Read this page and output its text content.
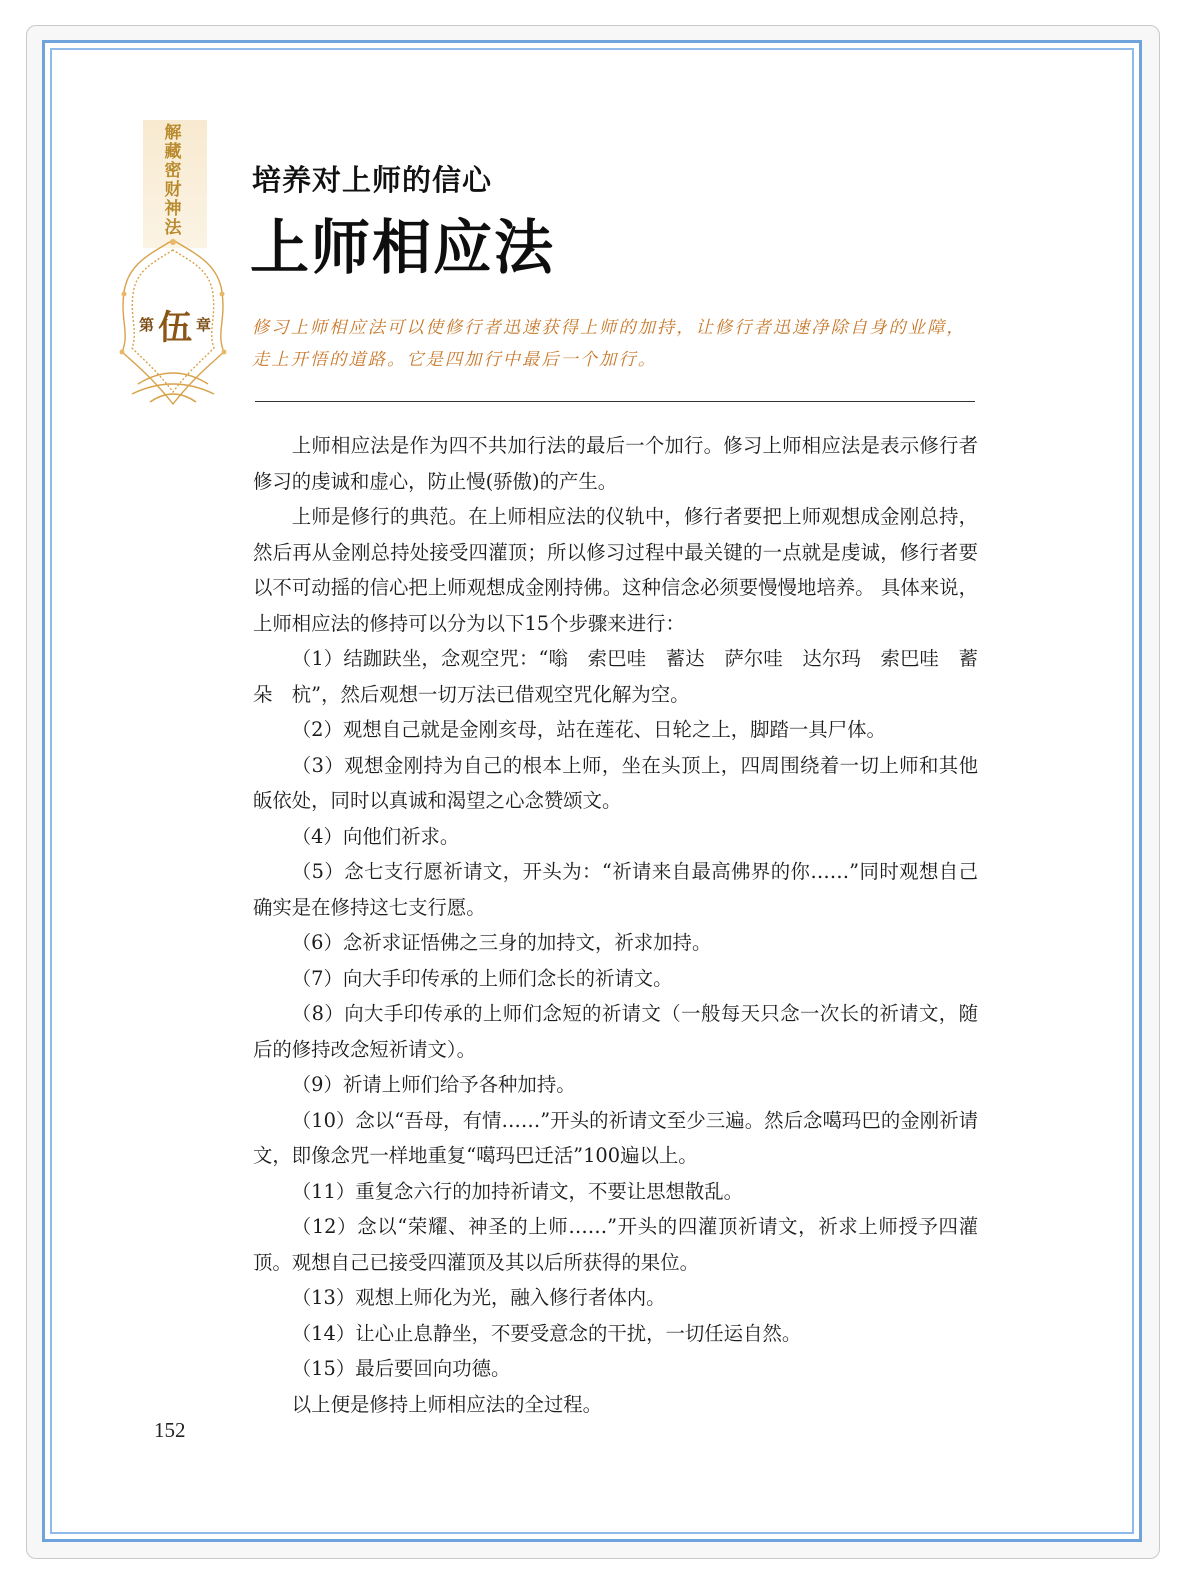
解藏密财神法
第 伍 章
培养对上师的信心
上师相应法

修习上师相应法可以使修行者迅速获得上师的加持，让修行者迅速净除自身的业障，走上开悟的道路。它是四加行中最后一个加行。

上师相应法是作为四不共加行法的最后一个加行。修习上师相应法是表示修行者修习的虔诚和虚心，防止慢(骄傲)的产生。

上师是修行的典范。在上师相应法的仪轨中，修行者要把上师观想成金刚总持，然后再从金刚总持处接受四灌顶；所以修习过程中最关键的一点就是虔诚，修行者要以不可动摇的信心把上师观想成金刚持佛。这种信念必须要慢慢地培养。 具体来说，上师相应法的修持可以分为以下15个步骤来进行：

（1）结跏趺坐，念观空咒：“嗡　索巴哇　蓄达　萨尔哇　达尔玛　索巴哇　蓄朵　杭”，然后观想一切万法已借观空咒化解为空。

（2）观想自己就是金刚亥母，站在莲花、日轮之上，脚踏一具尸体。

（3）观想金刚持为自己的根本上师，坐在头顶上，四周围绕着一切上师和其他皈依处，同时以真诚和渴望之心念赞颂文。

（4）向他们祈求。

（5）念七支行愿祈请文，开头为：“祈请来自最高佛界的你……”同时观想自己确实是在修持这七支行愿。

（6）念祈求证悟佛之三身的加持文，祈求加持。

（7）向大手印传承的上师们念长的祈请文。

（8）向大手印传承的上师们念短的祈请文（一般每天只念一次长的祈请文，随后的修持改念短祈请文）。

（9）祈请上师们给予各种加持。

（10）念以“吾母，有情……”开头的祈请文至少三遍。然后念噶玛巴的金刚祈请文，即像念咒一样地重复“噶玛巴迁活”100遍以上。

（11）重复念六行的加持祈请文，不要让思想散乱。

（12）念以“荣耀、神圣的上师……”开头的四灌顶祈请文，祈求上师授予四灌顶。观想自己已接受四灌顶及其以后所获得的果位。

（13）观想上师化为光，融入修行者体内。

（14）让心止息静坐，不要受意念的干扰，一切任运自然。

（15）最后要回向功德。

以上便是修持上师相应法的全过程。

152
